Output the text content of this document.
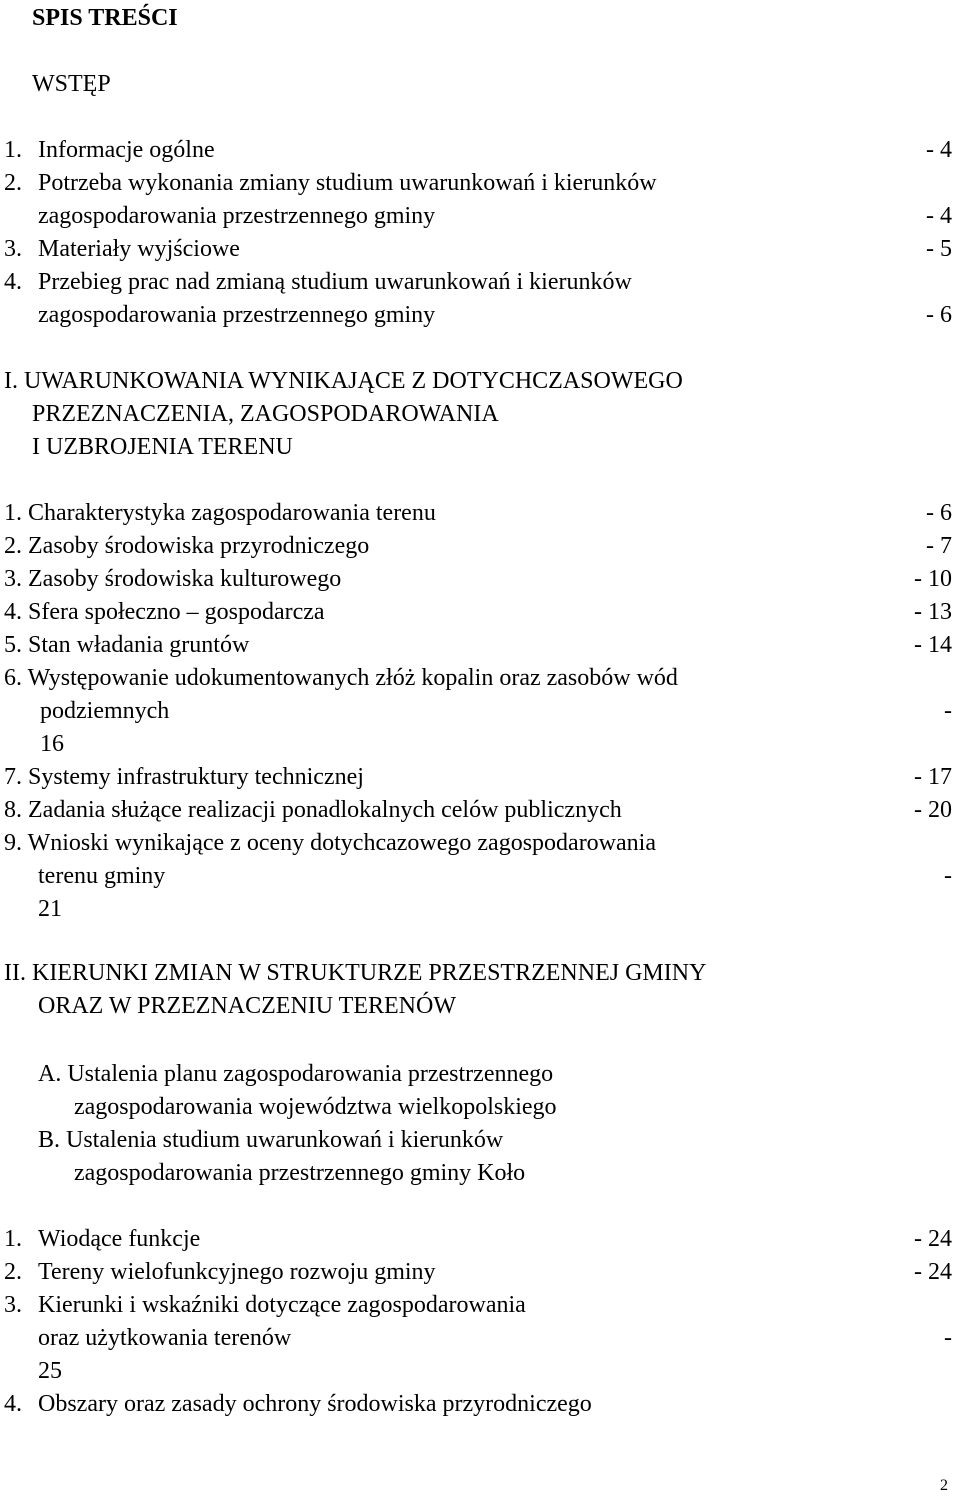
SPIS TREŚCI
WSTĘP
1. Informacje ogólne	- 4
2. Potrzeba wykonania zmiany studium uwarunkowań i kierunków
zagospodarowania przestrzennego gminy	- 4
3. Materiały wyjściowe	- 5
4. Przebieg prac nad zmianą studium uwarunkowań i kierunków
zagospodarowania przestrzennego gminy	- 6
I. UWARUNKOWANIA WYNIKAJĄCE Z DOTYCHCZASOWEGO
PRZEZNACZENIA, ZAGOSPODAROWANIA
I UZBROJENIA TERENU
1. Charakterystyka zagospodarowania terenu	- 6
2. Zasoby środowiska przyrodniczego	- 7
3. Zasoby środowiska kulturowego	- 10
4. Sfera społeczno – gospodarcza	- 13
5. Stan władania gruntów	- 14
6. Występowanie udokumentowanych złóż kopalin oraz zasobów wód
podziemnych	-
16
7. Systemy infrastruktury technicznej	- 17
8. Zadania służące realizacji ponadlokalnych celów publicznych	- 20
9. Wnioski wynikające z oceny dotychcazowego zagospodarowania
terenu gminy	-
21
II. KIERUNKI ZMIAN W STRUKTURZE PRZESTRZENNEJ GMINY
ORAZ W PRZEZNACZENIU TERENÓW
A. Ustalenia planu zagospodarowania przestrzennego
zagospodarowania województwa wielkopolskiego
B. Ustalenia studium uwarunkowań i kierunków
zagospodarowania przestrzennego gminy Koło
1. Wiodące funkcje	- 24
2. Tereny wielofunkcyjnego rozwoju gminy	- 24
3. Kierunki i wskaźniki dotyczące zagospodarowania
oraz użytkowania terenów	-
25
4. Obszary oraz zasady ochrony środowiska przyrodniczego
2
